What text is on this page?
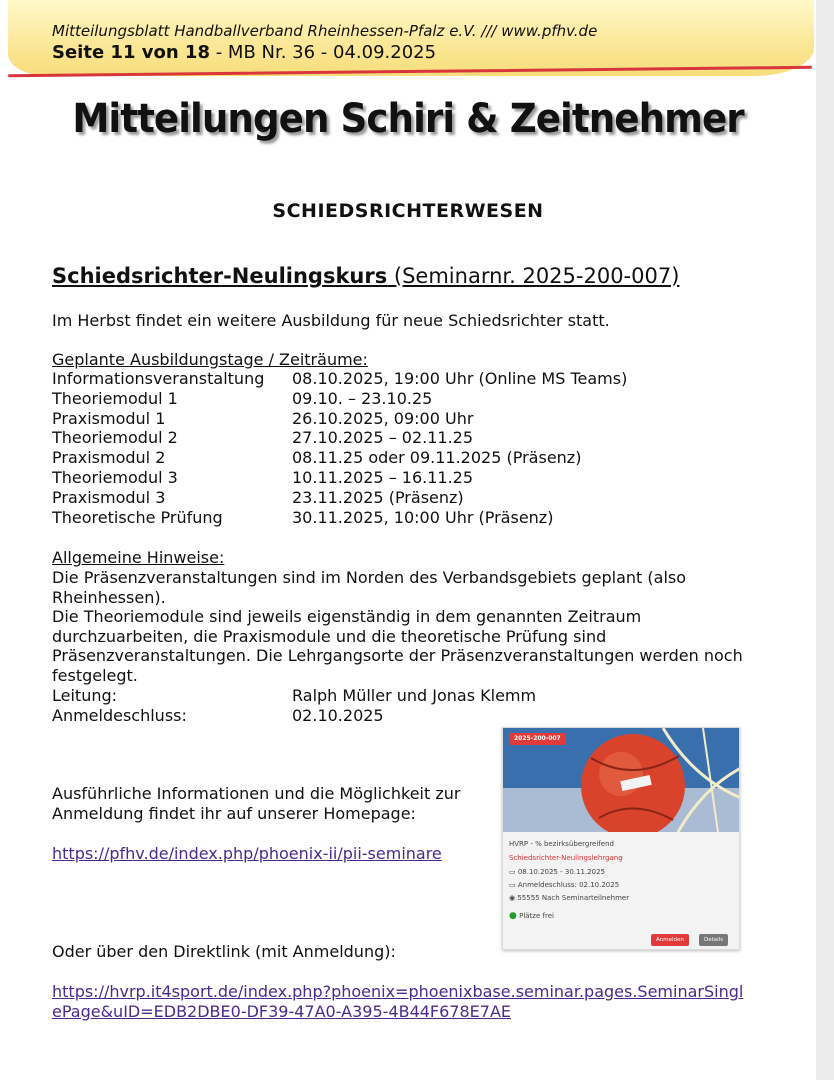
Mitteilungsblatt Handballverband Rheinhessen-Pfalz e.V. /// www.pfhv.de
Seite 11 von 18 - MB Nr. 36 - 04.09.2025
Mitteilungen Schiri & Zeitnehmer
SCHIEDSRICHTERWESEN
Schiedsrichter-Neulingskurs (Seminarnr. 2025-200-007)
Im Herbst findet ein weitere Ausbildung für neue Schiedsrichter statt.
Geplante Ausbildungstage / Zeiträume:
Informationsveranstaltung	08.10.2025, 19:00 Uhr (Online MS Teams)
Theoriemodul 1	09.10. – 23.10.25
Praxismodul 1	26.10.2025, 09:00 Uhr
Theoriemodul 2	27.10.2025 – 02.11.25
Praxismodul 2	08.11.25 oder 09.11.2025 (Präsenz)
Theoriemodul 3	10.11.2025 – 16.11.25
Praxismodul 3	23.11.2025 (Präsenz)
Theoretische Prüfung	30.11.2025, 10:00 Uhr (Präsenz)
Allgemeine Hinweise:
Die Präsenzveranstaltungen sind im Norden des Verbandsgebiets geplant (also Rheinhessen).
Die Theoriemodule sind jeweils eigenständig in dem genannten Zeitraum durchzuarbeiten, die Praxismodule und die theoretische Prüfung sind Präsenzveranstaltungen. Die Lehrgangsorte der Präsenzveranstaltungen werden noch festgelegt.
Leitung:	Ralph Müller und Jonas Klemm
Anmeldeschluss:	02.10.2025
Ausführliche Informationen und die Möglichkeit zur Anmeldung findet ihr auf unserer Homepage:
https://pfhv.de/index.php/phoenix-ii/pii-seminare
Oder über den Direktlink (mit Anmeldung):
https://hvrp.it4sport.de/index.php?phoenix=phoenixbase.seminar.pages.SeminarSingl
ePage&uID=EDB2DBE0-DF39-47A0-A395-4B44F678E7AE
2025-200-007
HVRP - % bezirksübergreifend
Schiedsrichter-Neulingslehrgang
▭ 08.10.2025 - 30.11.2025
▭ Anmeldeschluss: 02.10.2025
◉ 55555 Nach Seminarteilnehmer
● Plätze frei
Anmelden	Details
